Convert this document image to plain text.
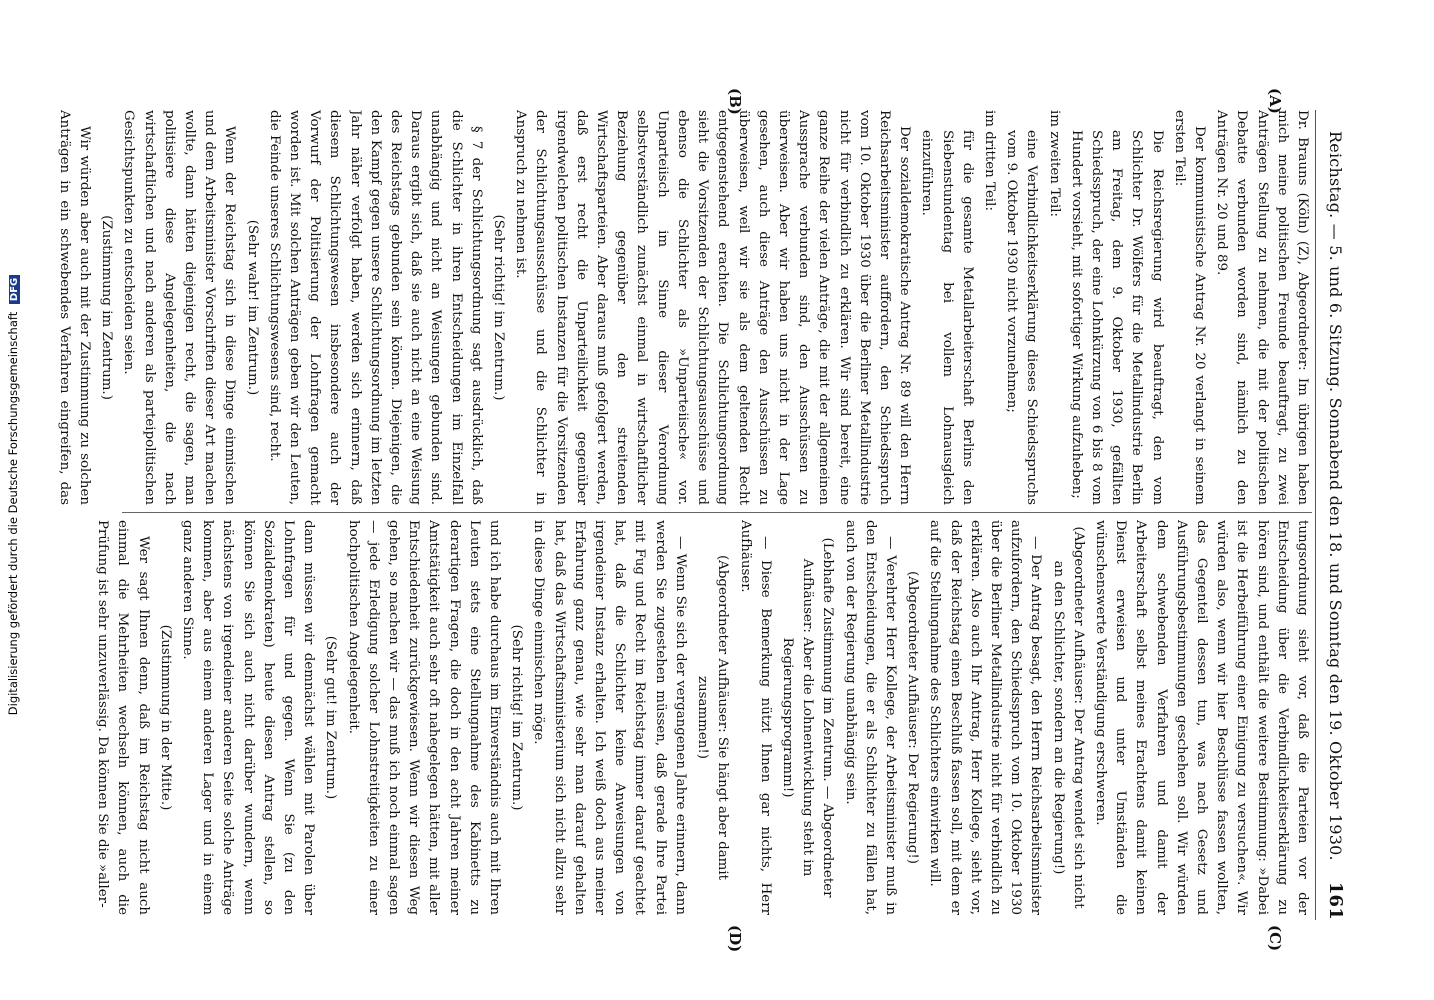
Reichstag. — 5. und 6. Sitzung. Sonnabend den 18. und Sonntag den 19. Oktober 1930.
161
(A)
(B)
(C)
(D)

Dr. Brauns (Köln) (Z), Abgeordneter: Im übrigen haben mich meine politischen Freunde beauftragt, zu zwei Anträgen Stellung zu nehmen, die mit der politischen Debatte verbunden worden sind, nämlich zu den Anträgen Nr. 20 und 89.

Der kommunistische Antrag Nr. 20 verlangt in seinem ersten Teil:

Die Reichsregierung wird beauftragt, den vom Schlichter Dr. Wölfers für die Metallindustrie Berlin am Freitag, dem 9. Oktober 1930, gefällten Schiedsspruch, der eine Lohnkürzung von 6 bis 8 vom Hundert vorsieht, mit sofortiger Wirkung aufzuheben;

im zweiten Teil:

eine Verbindlichkeitserklärung dieses Schiedsspruchs vom 9. Oktober 1930 nicht vorzunehmen;

im dritten Teil:

für die gesamte Metallarbeiterschaft Berlins den Siebenstundentag bei vollem Lohnausgleich einzuführen.

Der sozialdemokratische Antrag Nr. 89 will den Herrn Reichsarbeitsminister auffordern, den Schiedsspruch vom 10. Oktober 1930 über die Berliner Metallindustrie nicht für verbindlich zu erklären. Wir sind bereit, eine ganze Reihe der vielen Anträge, die mit der allgemeinen Aussprache verbunden sind, den Ausschüssen zu überweisen. Aber wir haben uns nicht in der Lage gesehen, auch diese Anträge den Ausschüssen zu überweisen, weil wir sie als dem geltenden Recht entgegenstehend erachten. Die Schlichtungsordnung sieht die Vorsitzenden der Schlichtungsausschüsse und ebenso die Schlichter als »Unparteiische« vor. Unparteiisch im Sinne dieser Verordnung selbstverständlich zunächst einmal in wirtschaftlicher Beziehung gegenüber den streitenden Wirtschaftsparteien. Aber daraus muß gefolgert werden, daß erst recht die Unparteilichkeit gegenüber irgendwelchen politischen Instanzen für die Vorsitzenden der Schlichtungsausschüsse und die Schlichter in Anspruch zu nehmen ist.

(Sehr richtig! im Zentrum.)

§ 7 der Schlichtungsordnung sagt ausdrücklich, daß die Schlichter in ihren Entscheidungen im Einzelfall unabhängig und nicht an Weisungen gebunden sind. Daraus ergibt sich, daß sie auch nicht an eine Weisung des Reichstags gebunden sein können. Diejenigen, die den Kampf gegen unsere Schlichtungsordnung im letzten Jahr näher verfolgt haben, werden sich erinnern, daß diesem Schlichtungswesen insbesondere auch der Vorwurf der Politisierung der Lohnfragen gemacht worden ist. Mit solchen Anträgen geben wir den Leuten, die Feinde unseres Schlichtungswesens sind, recht.

(Sehr wahr! im Zentrum.)

Wenn der Reichstag sich in diese Dinge einmischen und dem Arbeitsminister Vorschriften dieser Art machen wollte, dann hätten diejenigen recht, die sagen, man politisiere diese Angelegenheiten, die nach wirtschaftlichen und nach anderen als parteipolitischen Gesichtspunkten zu entscheiden seien.

(Zustimmung im Zentrum.)

Wir würden aber auch mit der Zustimmung zu solchen Anträgen in ein schwebendes Verfahren eingreifen, das

tungsordnung sieht vor, daß die Parteien vor der Entscheidung über die Verbindlichkeitserklärung zu hören sind, und enthält die weitere Bestimmung: »Dabei ist die Herbeiführung einer Einigung zu versuchen«. Wir würden also, wenn wir hier Beschlüsse fassen wollten, das Gegenteil dessen tun, was nach Gesetz und Ausführungsbestimmungen geschehen soll. Wir würden dem schwebenden Verfahren und damit der Arbeiterschaft selbst meines Erachtens damit keinen Dienst erweisen und unter Umständen die wünschenswerte Verständigung erschweren.

(Abgeordneter Aufhäuser: Der Antrag wendet sich nicht an den Schlichter, sondern an die Regierung!)

— Der Antrag besagt, den Herrn Reichsarbeitsminister aufzufordern, den Schiedsspruch vom 10. Oktober 1930 über die Berliner Metallindustrie nicht für verbindlich zu erklären. Also auch Ihr Antrag, Herr Kollege, sieht vor, daß der Reichstag einen Beschluß fassen soll, mit dem er auf die Stellungnahme des Schlichters einwirken will.

(Abgeordneter Aufhäuser: Der Regierung!)

— Verehrter Herr Kollege, der Arbeitsminister muß in den Entscheidungen, die er als Schlichter zu fällen hat, auch von der Regierung unabhängig sein.

(Lebhafte Zustimmung im Zentrum. — Abgeordneter Aufhäuser: Aber die Lohnentwicklung steht im Regierungsprogramm!)

— Diese Bemerkung nützt Ihnen gar nichts, Herr Aufhäuser.

(Abgeordneter Aufhäuser: Sie hängt aber damit zusammen!)

— Wenn Sie sich der vergangenen Jahre erinnern, dann werden Sie zugestehen müssen, daß gerade Ihre Partei mit Fug und Recht im Reichstag immer darauf geachtet hat, daß die Schlichter keine Anweisungen von irgendeiner Instanz erhalten. Ich weiß doch aus meiner Erfahrung ganz genau, wie sehr man darauf gehalten hat, daß das Wirtschaftsministerium sich nicht allzu sehr in diese Dinge einmischen möge.

(Sehr richtig! im Zentrum.)

und ich habe durchaus im Einverständnis auch mit Ihren Leuten stets eine Stellungnahme des Kabinetts zu derartigen Fragen, die doch in den acht Jahren meiner Amtstätigkeit auch sehr oft nahegelegen hätten, mit aller Entschiedenheit zurückgewiesen. Wenn wir diesen Weg gehen, so machen wir — das muß ich noch einmal sagen — jede Erledigung solcher Lohnstreitigkeiten zu einer hochpolitischen Angelegenheit.

(Sehr gut! im Zentrum.)

dann müssen wir demnächst wählen mit Parolen über Lohnfragen für und gegen. Wenn Sie (zu den Sozialdemokraten) heute diesen Antrag stellen, so können Sie sich auch nicht darüber wundern, wenn nächstens von irgendeiner anderen Seite solche Anträge kommen, aber aus einem anderen Lager und in einem ganz anderen Sinne.

(Zustimmung in der Mitte.)

Wer sagt Ihnen denn, daß im Reichstag nicht auch einmal die Mehrheiten wechseln können, auch die Prüfung ist sehr unzuverlässig. Da können Sie die »aller-

Digitalisierung gefördert durch die Deutsche Forschungsgemeinschaft DFG
